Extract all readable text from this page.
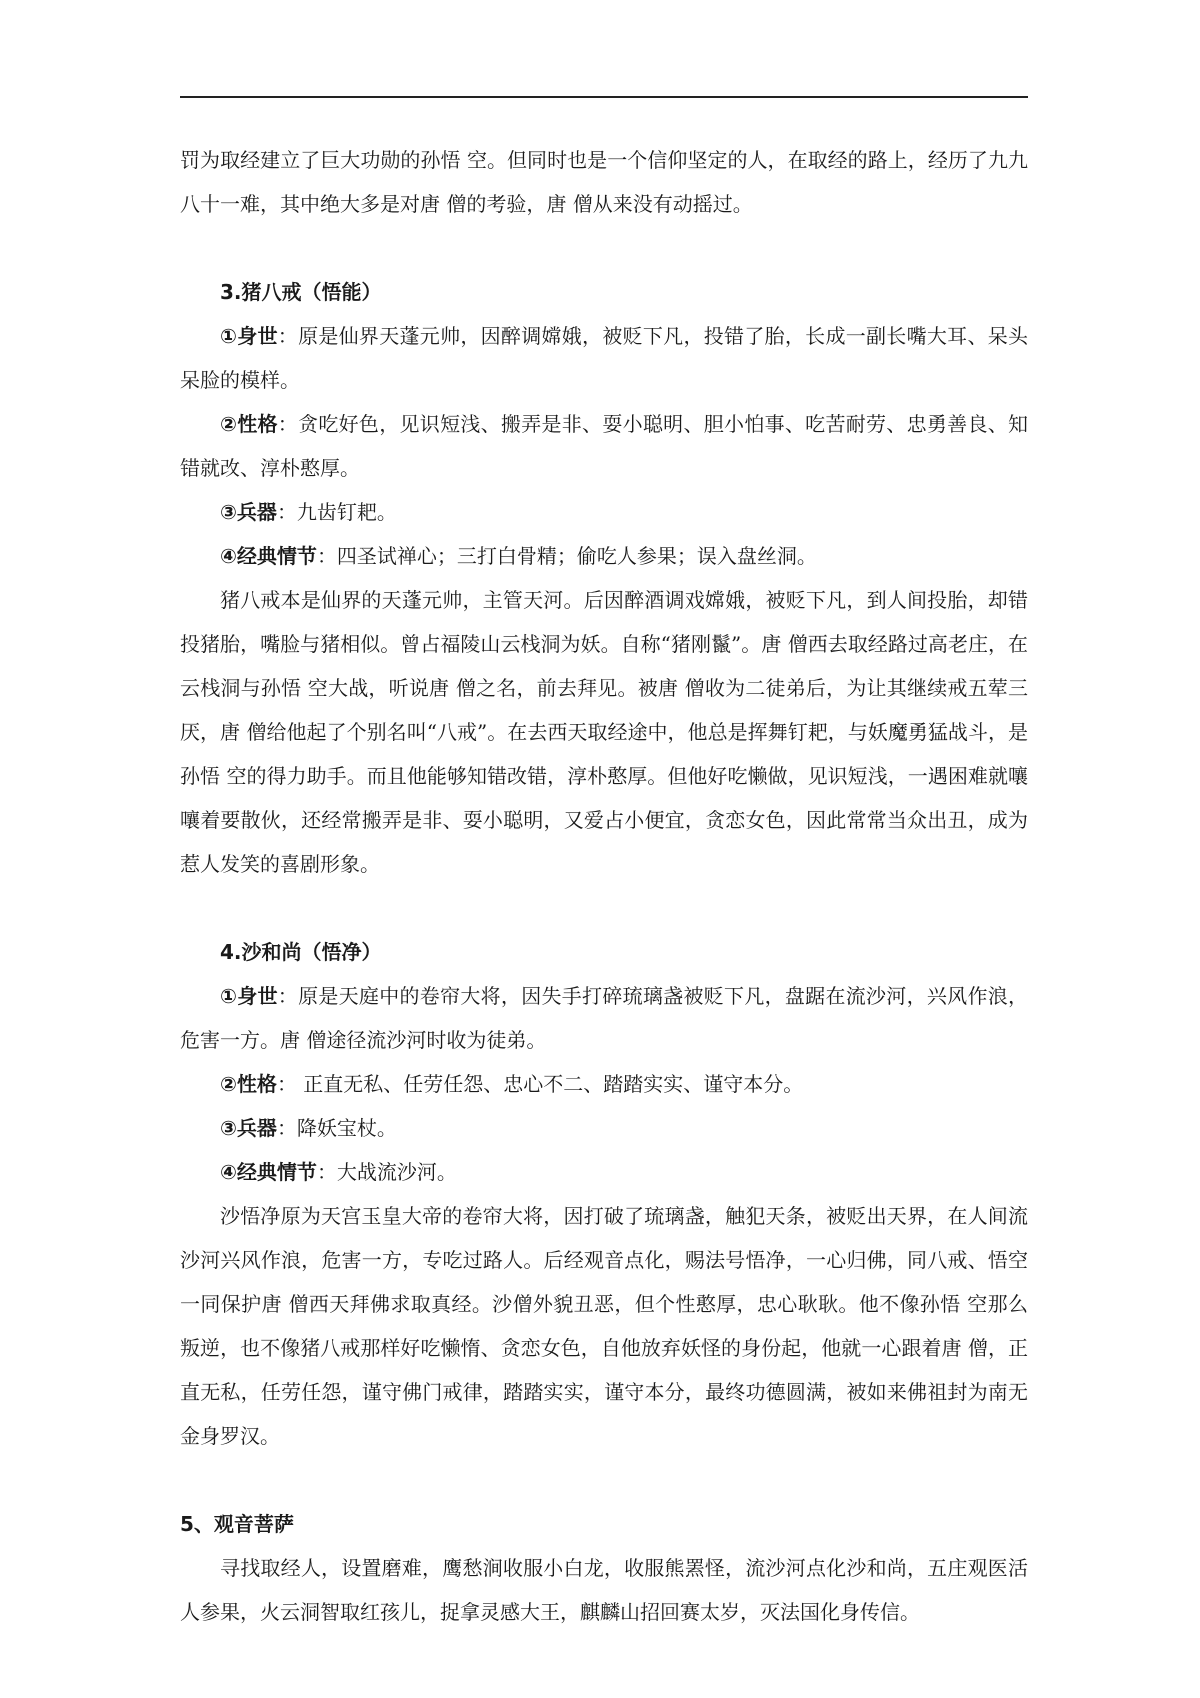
罚为取经建立了巨大功勋的孙悟 空。但同时也是一个信仰坚定的人，在取经的路上，经历了九九八十一难，其中绝大多是对唐 僧的考验，唐 僧从来没有动摇过。

3.猪八戒（悟能）

①身世：原是仙界天蓬元帅，因醉调嫦娥，被贬下凡，投错了胎，长成一副长嘴大耳、呆头呆脸的模样。

②性格：贪吃好色，见识短浅、搬弄是非、耍小聪明、胆小怕事、吃苦耐劳、忠勇善良、知错就改、淳朴憨厚。

③兵器：九齿钉耙。

④经典情节：四圣试禅心；三打白骨精；偷吃人参果；误入盘丝洞。

猪八戒本是仙界的天蓬元帅，主管天河。后因醉酒调戏嫦娥，被贬下凡，到人间投胎，却错投猪胎，嘴脸与猪相似。曾占福陵山云栈洞为妖。自称“猪刚鬣”。唐 僧西去取经路过高老庄，在云栈洞与孙悟 空大战，听说唐 僧之名，前去拜见。被唐 僧收为二徒弟后，为让其继续戒五荤三厌，唐 僧给他起了个别名叫“八戒”。在去西天取经途中，他总是挥舞钉耙，与妖魔勇猛战斗，是孙悟 空的得力助手。而且他能够知错改错，淳朴憨厚。但他好吃懒做，见识短浅，一遇困难就嚷嚷着要散伙，还经常搬弄是非、耍小聪明，又爱占小便宜，贪恋女色，因此常常当众出丑，成为惹人发笑的喜剧形象。

4.沙和尚（悟净）

①身世：原是天庭中的卷帘大将，因失手打碎琉璃盏被贬下凡，盘踞在流沙河，兴风作浪，危害一方。唐 僧途径流沙河时收为徒弟。

②性格： 正直无私、任劳任怨、忠心不二、踏踏实实、谨守本分。

③兵器：降妖宝杖。

④经典情节：大战流沙河。

沙悟净原为天宫玉皇大帝的卷帘大将，因打破了琉璃盏，触犯天条，被贬出天界，在人间流沙河兴风作浪，危害一方，专吃过路人。后经观音点化，赐法号悟净，一心归佛，同八戒、悟空一同保护唐 僧西天拜佛求取真经。沙僧外貌丑恶，但个性憨厚，忠心耿耿。他不像孙悟 空那么叛逆，也不像猪八戒那样好吃懒惰、贪恋女色，自他放弃妖怪的身份起，他就一心跟着唐 僧，正直无私，任劳任怨，谨守佛门戒律，踏踏实实，谨守本分，最终功德圆满，被如来佛祖封为南无金身罗汉。

5、观音菩萨

寻找取经人，设置磨难，鹰愁涧收服小白龙，收服熊罴怪，流沙河点化沙和尚，五庄观医活人参果，火云洞智取红孩儿，捉拿灵感大王，麒麟山招回赛太岁，灭法国化身传信。
